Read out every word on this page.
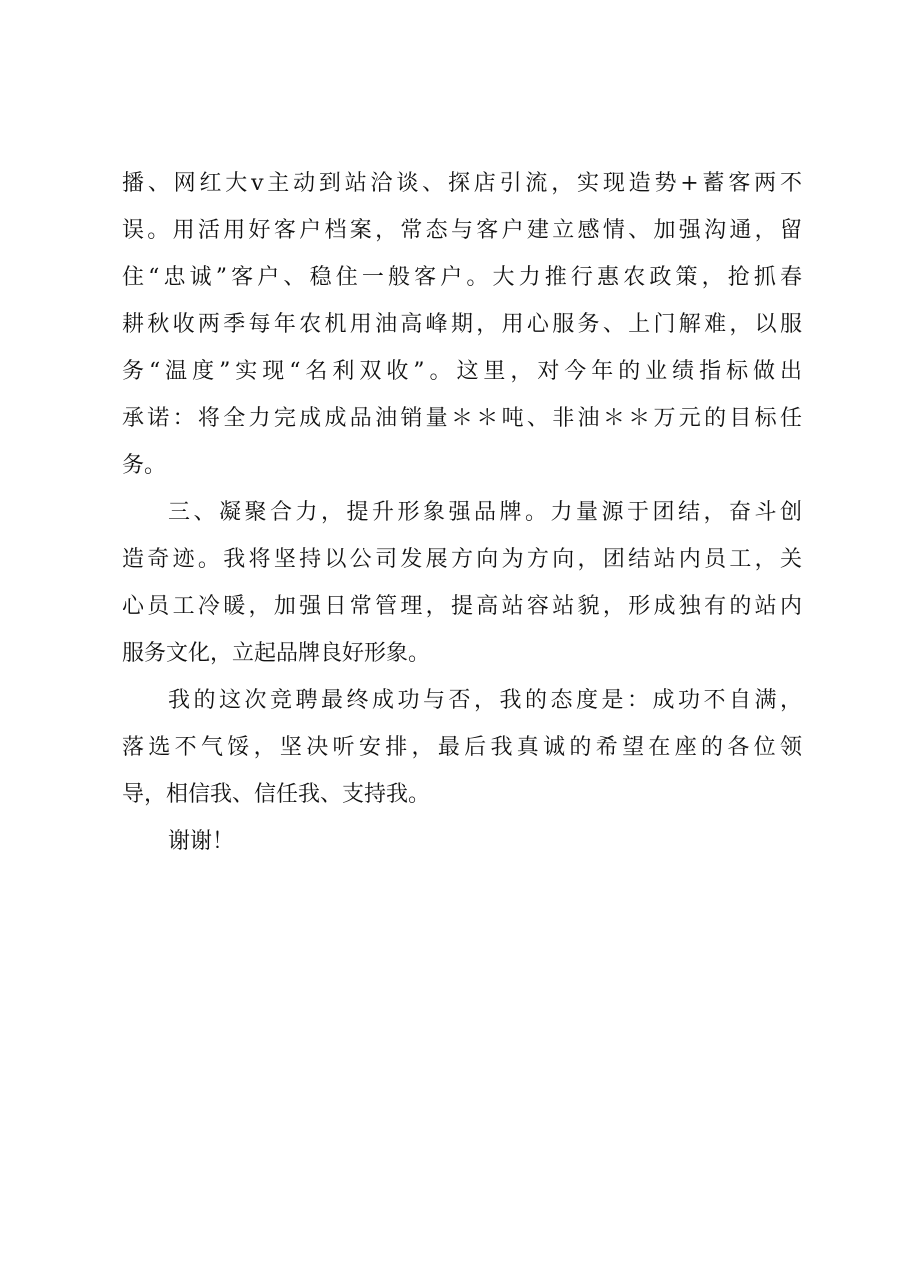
播、网红大v主动到站洽谈、探店引流，实现造势+蓄客两不
误。用活用好客户档案，常态与客户建立感情、加强沟通，留
住“忠诚”客户、稳住一般客户。大力推行惠农政策，抢抓春
耕秋收两季每年农机用油高峰期，用心服务、上门解难，以服
务“温度”实现“名利双收”。这里，对今年的业绩指标做出
承诺：将全力完成成品油销量＊＊吨、非油＊＊万元的目标任
务。
三、凝聚合力，提升形象强品牌。力量源于团结，奋斗创
造奇迹。我将坚持以公司发展方向为方向，团结站内员工，关
心员工冷暖，加强日常管理，提高站容站貌，形成独有的站内
服务文化，立起品牌良好形象。
我的这次竞聘最终成功与否，我的态度是：成功不自满，
落选不气馁，坚决听安排，最后我真诚的希望在座的各位领
导，相信我、信任我、支持我。
谢谢！
